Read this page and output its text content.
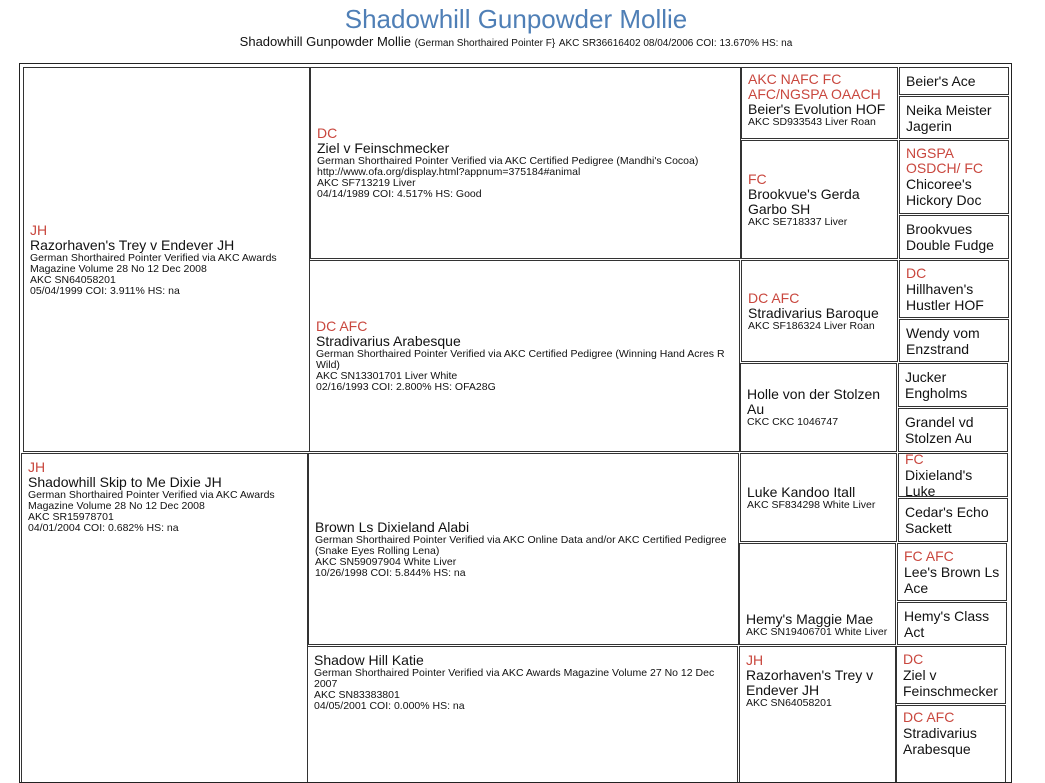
Shadowhill Gunpowder Mollie
Shadowhill Gunpowder Mollie (German Shorthaired Pointer F} AKC SR36616402 08/04/2006 COI: 13.670% HS: na
JH
Razorhaven's Trey v Endever JH
German Shorthaired Pointer Verified via AKC Awards Magazine Volume 28 No 12 Dec 2008
AKC SN64058201
05/04/1999 COI: 3.911% HS: na
JH
Shadowhill Skip to Me Dixie JH
German Shorthaired Pointer Verified via AKC Awards Magazine Volume 28 No 12 Dec 2008
AKC SR15978701
04/01/2004 COI: 0.682% HS: na
DC
Ziel v Feinschmecker
German Shorthaired Pointer Verified via AKC Certified Pedigree (Mandhi's Cocoa)
http://www.ofa.org/display.html?appnum=375184#animal
AKC SF713219 Liver
04/14/1989 COI: 4.517% HS: Good
DC AFC
Stradivarius Arabesque
German Shorthaired Pointer Verified via AKC Certified Pedigree (Winning Hand Acres R Wild)
AKC SN13301701 Liver White
02/16/1993 COI: 2.800% HS: OFA28G
Brown Ls Dixieland Alabi
German Shorthaired Pointer Verified via AKC Online Data and/or AKC Certified Pedigree (Snake Eyes Rolling Lena)
AKC SN59097904 White Liver
10/26/1998 COI: 5.844% HS: na
Shadow Hill Katie
German Shorthaired Pointer Verified via AKC Awards Magazine Volume 27 No 12 Dec 2007
AKC SN83383801
04/05/2001 COI: 0.000% HS: na
AKC NAFC FC AFC/NGSPA OAACH
Beier's Evolution HOF
AKC SD933543 Liver Roan
FC
Brookvue's Gerda Garbo SH
AKC SE718337 Liver
DC AFC
Stradivarius Baroque
AKC SF186324 Liver Roan
Holle von der Stolzen Au
CKC CKC 1046747
Luke Kandoo Itall
AKC SF834298 White Liver
Hemy's Maggie Mae
AKC SN19406701 White Liver
JH
Razorhaven's Trey v Endever JH
AKC SN64058201
Beier's Ace
Neika Meister Jagerin
NGSPA OSDCH/ FC
Chicoree's Hickory Doc
Brookvues Double Fudge
DC
Hillhaven's Hustler HOF
Wendy vom Enzstrand
Jucker Engholms
Grandel vd Stolzen Au
FC
Dixieland's Luke
Cedar's Echo Sackett
FC AFC
Lee's Brown Ls Ace
Hemy's Class Act
DC
Ziel v Feinschmecker
DC AFC
Stradivarius Arabesque
